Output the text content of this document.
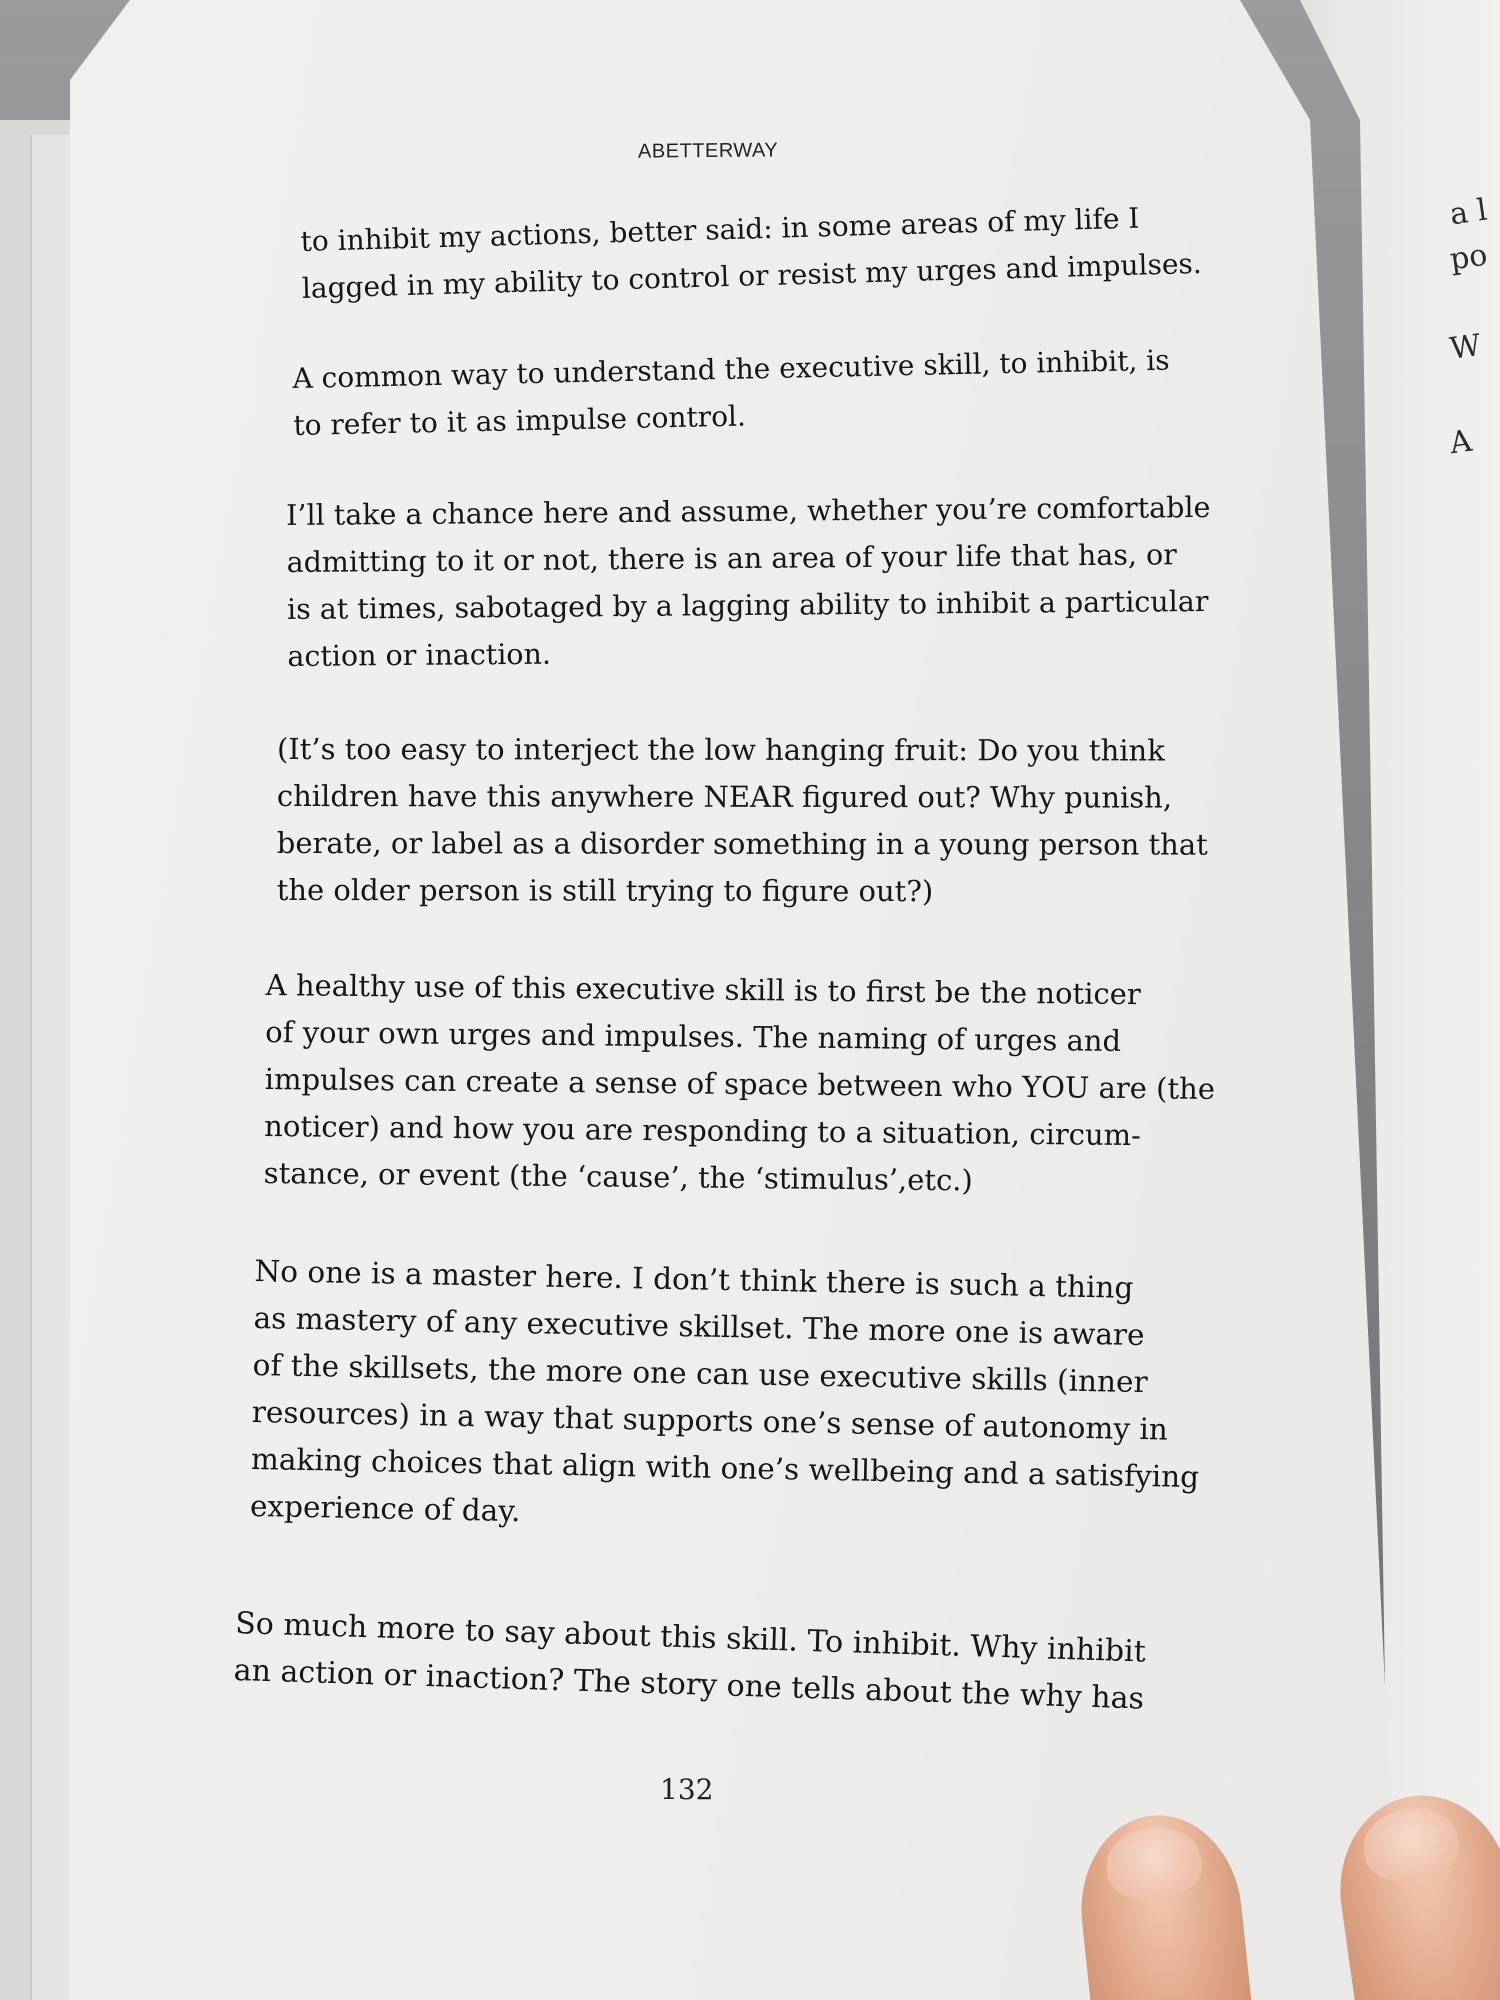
a l
po
W
A
ABETTERWAY

to inhibit my actions, better said: in some areas of my life I
lagged in my ability to control or resist my urges and impulses.

A common way to understand the executive skill, to inhibit, is
to refer to it as impulse control.

I’ll take a chance here and assume, whether you’re comfortable
admitting to it or not, there is an area of your life that has, or
is at times, sabotaged by a lagging ability to inhibit a particular
action or inaction.

(It’s too easy to interject the low hanging fruit: Do you think
children have this anywhere NEAR figured out? Why punish,
berate, or label as a disorder something in a young person that
the older person is still trying to figure out?)

A healthy use of this executive skill is to first be the noticer
of your own urges and impulses. The naming of urges and
impulses can create a sense of space between who YOU are (the
noticer) and how you are responding to a situation, circum-
stance, or event (the ‘cause’, the ‘stimulus’,etc.)

No one is a master here. I don’t think there is such a thing
as mastery of any executive skillset. The more one is aware
of the skillsets, the more one can use executive skills (inner
resources) in a way that supports one’s sense of autonomy in
making choices that align with one’s wellbeing and a satisfying
experience of day.

So much more to say about this skill. To inhibit. Why inhibit
an action or inaction? The story one tells about the why has

132
